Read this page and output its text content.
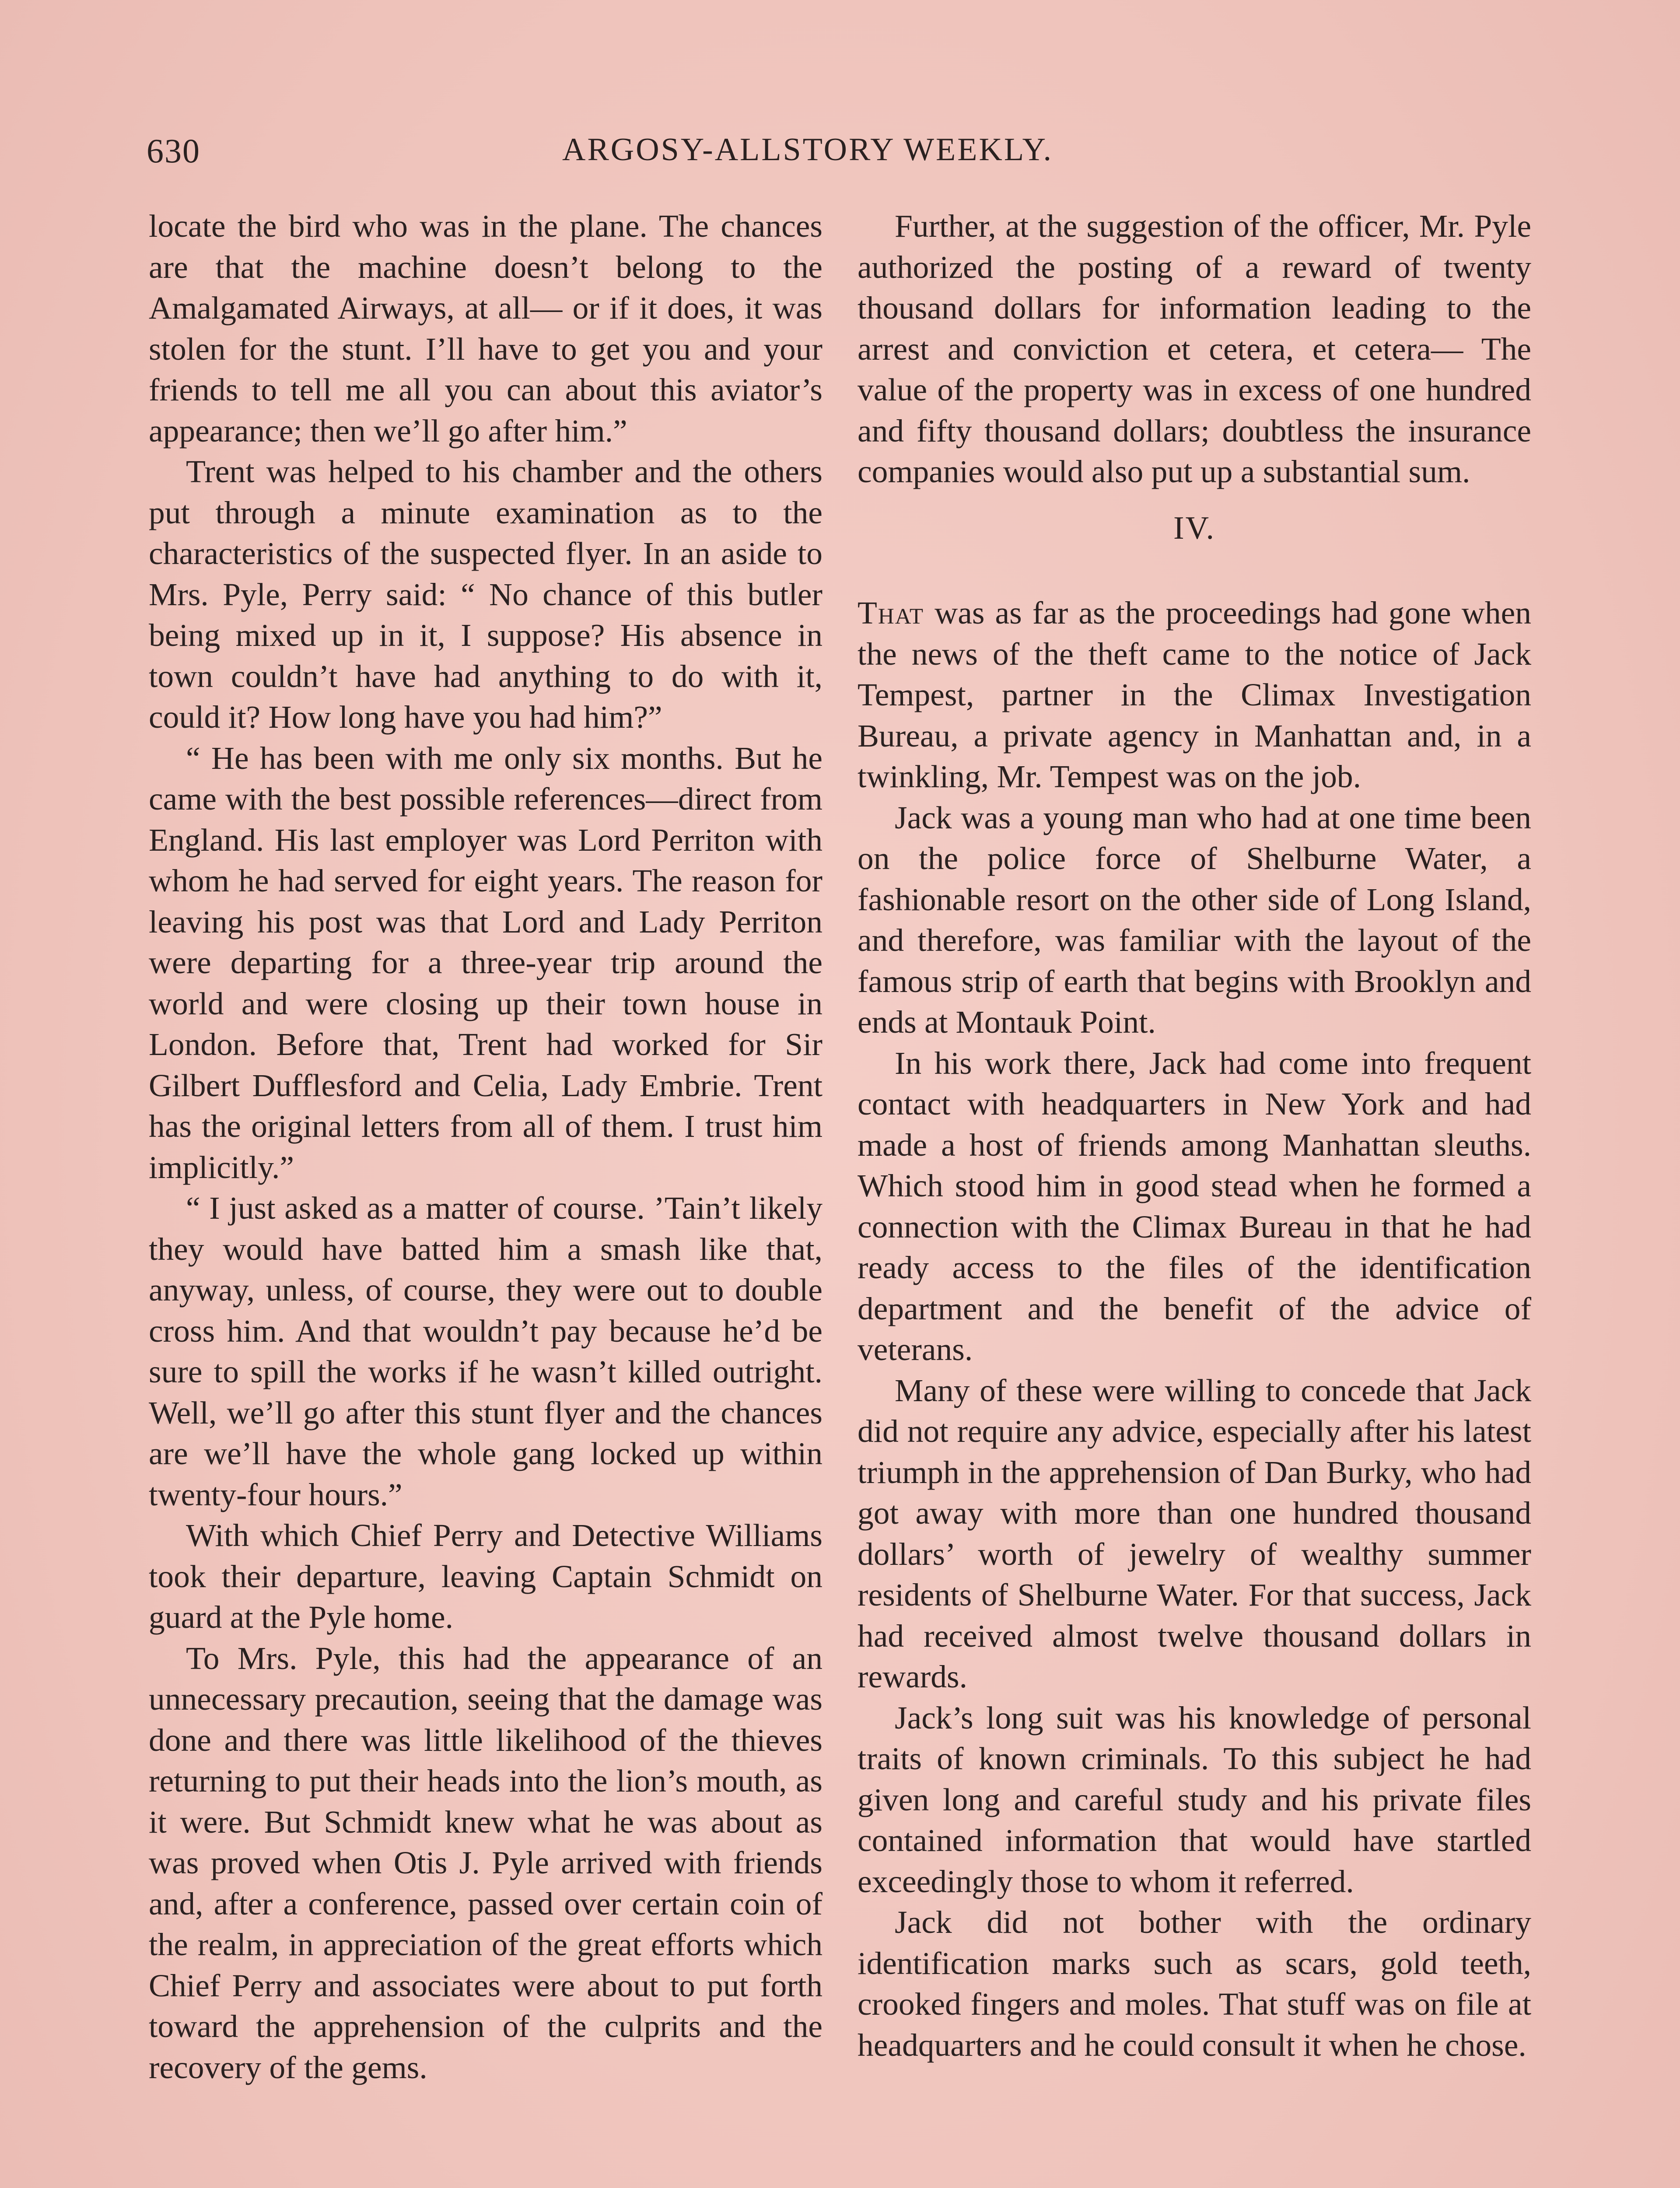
630	ARGOSY-ALLSTORY WEEKLY.

locate the bird who was in the plane. The chances are that the machine doesn’t belong to the Amalgamated Airways, at all— or if it does, it was stolen for the stunt. I’ll have to get you and your friends to tell me all you can about this aviator’s appearance; then we’ll go after him.”

Trent was helped to his chamber and the others put through a minute examination as to the characteristics of the suspected flyer. In an aside to Mrs. Pyle, Perry said: “ No chance of this butler being mixed up in it, I suppose? His absence in town couldn’t have had anything to do with it, could it? How long have you had him?”

“ He has been with me only six months. But he came with the best possible references—direct from England. His last employer was Lord Perriton with whom he had served for eight years. The reason for leaving his post was that Lord and Lady Perriton were departing for a three-year trip around the world and were closing up their town house in London. Before that, Trent had worked for Sir Gilbert Dufflesford and Celia, Lady Embrie. Trent has the original letters from all of them. I trust him implicitly.”

“ I just asked as a matter of course. ’Tain’t likely they would have batted him a smash like that, anyway, unless, of course, they were out to double cross him. And that wouldn’t pay because he’d be sure to spill the works if he wasn’t killed outright. Well, we’ll go after this stunt flyer and the chances are we’ll have the whole gang locked up within twenty-four hours.”

With which Chief Perry and Detective Williams took their departure, leaving Captain Schmidt on guard at the Pyle home.

To Mrs. Pyle, this had the appearance of an unnecessary precaution, seeing that the damage was done and there was little likelihood of the thieves returning to put their heads into the lion’s mouth, as it were. But Schmidt knew what he was about as was proved when Otis J. Pyle arrived with friends and, after a conference, passed over certain coin of the realm, in appreciation of the great efforts which Chief Perry and associates were about to put forth toward the apprehension of the culprits and the recovery of the gems.

Further, at the suggestion of the officer, Mr. Pyle authorized the posting of a reward of twenty thousand dollars for information leading to the arrest and conviction et cetera, et cetera— The value of the property was in excess of one hundred and fifty thousand dollars; doubtless the insurance companies would also put up a substantial sum.

IV.

That was as far as the proceedings had gone when the news of the theft came to the notice of Jack Tempest, partner in the Climax Investigation Bureau, a private agency in Manhattan and, in a twinkling, Mr. Tempest was on the job.

Jack was a young man who had at one time been on the police force of Shelburne Water, a fashionable resort on the other side of Long Island, and therefore, was familiar with the layout of the famous strip of earth that begins with Brooklyn and ends at Montauk Point.

In his work there, Jack had come into frequent contact with headquarters in New York and had made a host of friends among Manhattan sleuths. Which stood him in good stead when he formed a connection with the Climax Bureau in that he had ready access to the files of the identification department and the benefit of the advice of veterans.

Many of these were willing to concede that Jack did not require any advice, especially after his latest triumph in the apprehension of Dan Burky, who had got away with more than one hundred thousand dollars’ worth of jewelry of wealthy summer residents of Shelburne Water. For that success, Jack had received almost twelve thousand dollars in rewards.

Jack’s long suit was his knowledge of personal traits of known criminals. To this subject he had given long and careful study and his private files contained information that would have startled exceedingly those to whom it referred.

Jack did not bother with the ordinary identification marks such as scars, gold teeth, crooked fingers and moles. That stuff was on file at headquarters and he could consult it when he chose.
